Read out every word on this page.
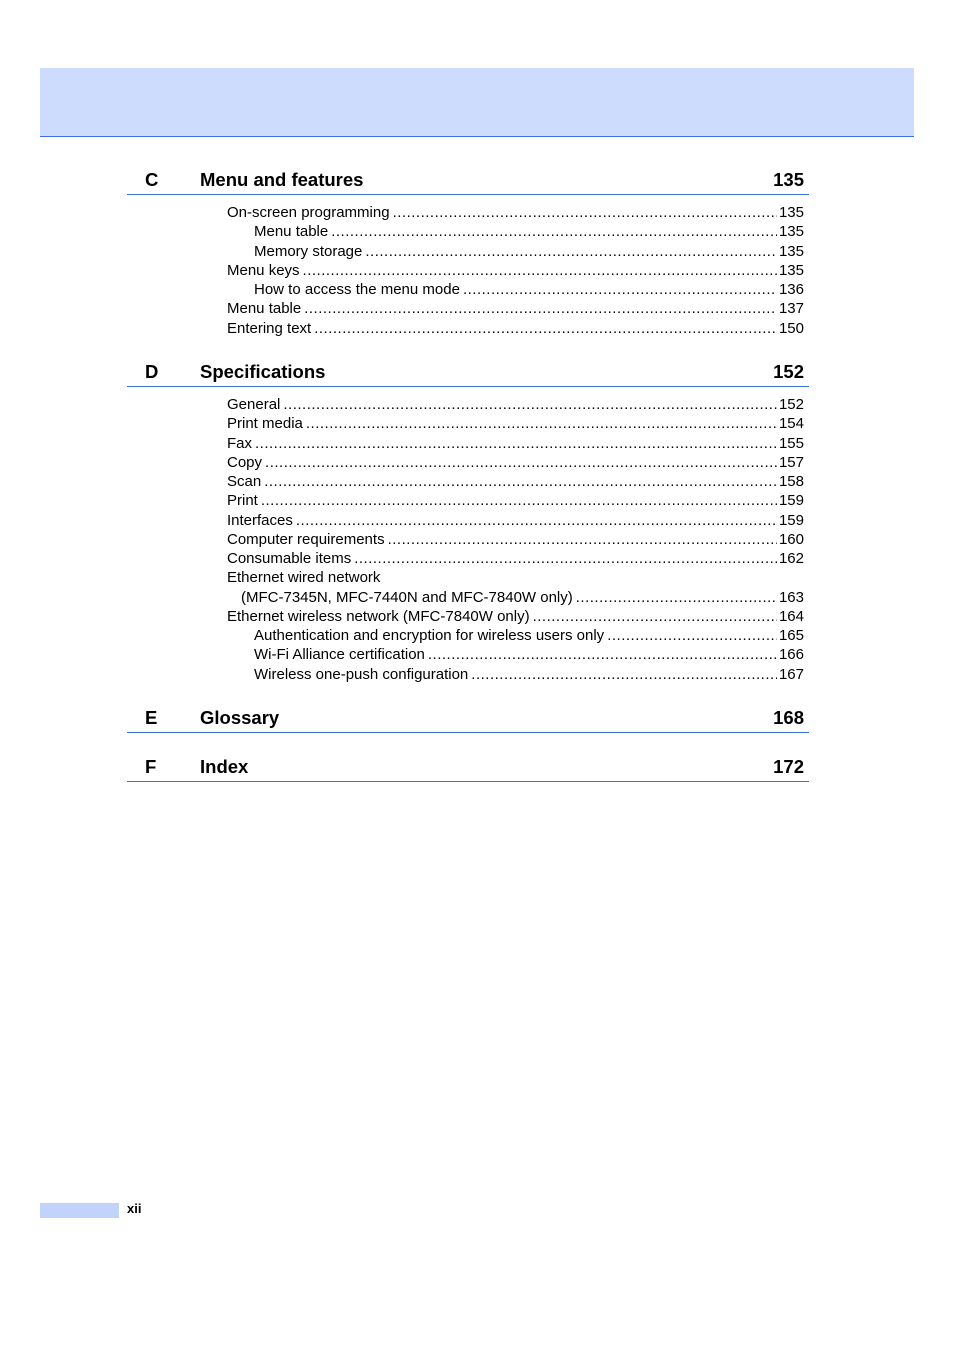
C Menu and features	135
On-screen programming .....	135
Menu table .....	135
Memory storage .....	135
Menu keys .....	135
How to access the menu mode .....	136
Menu table .....	137
Entering text .....	150
D Specifications	152
General .....	152
Print media .....	154
Fax .....	155
Copy .....	157
Scan .....	158
Print .....	159
Interfaces .....	159
Computer requirements .....	160
Consumable items .....	162
Ethernet wired network
(MFC-7345N, MFC-7440N and MFC-7840W only) .....	163
Ethernet wireless network (MFC-7840W only) .....	164
Authentication and encryption for wireless users only .....	165
Wi-Fi Alliance certification .....	166
Wireless one-push configuration .....	167
E Glossary	168
F Index	172
xii
